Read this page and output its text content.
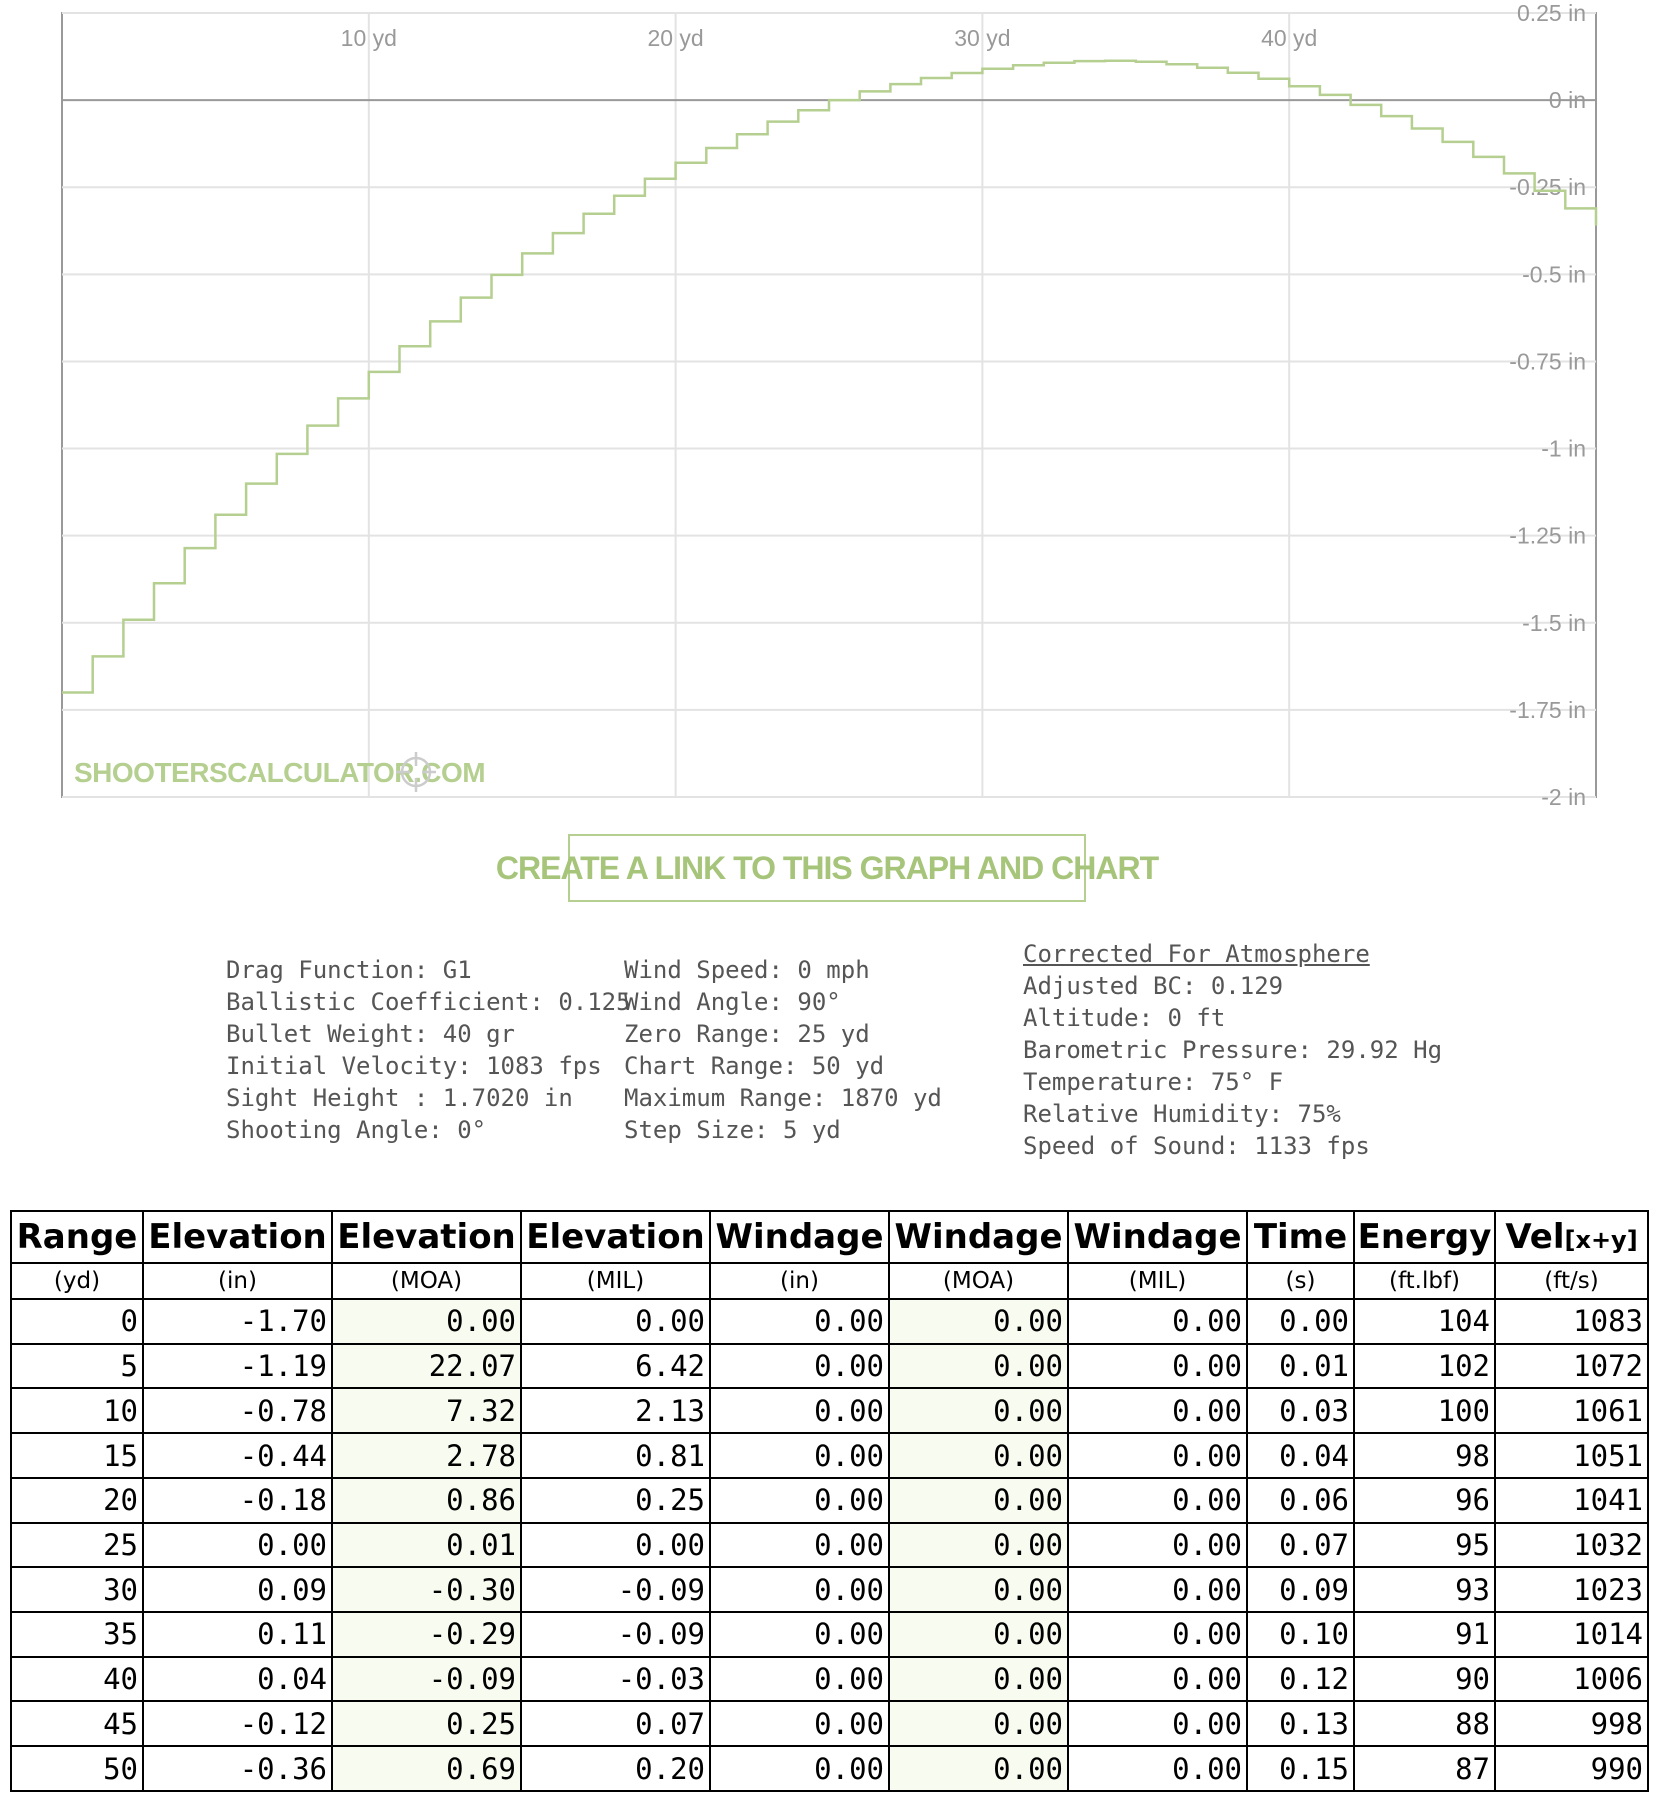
10 yd	20 yd	30 yd	40 yd
0.25 in
0 in
-0.25 in
-0.5 in
-0.75 in
-1 in
-1.25 in
-1.5 in
-1.75 in
-2 in
SHOOTERSCALCULATOR.COM
CREATE A LINK TO THIS GRAPH AND CHART
Drag Function: G1
Ballistic Coefficient: 0.125
Bullet Weight: 40 gr
Initial Velocity: 1083 fps
Sight Height : 1.7020 in
Shooting Angle: 0°
Wind Speed: 0 mph
Wind Angle: 90°
Zero Range: 25 yd
Chart Range: 50 yd
Maximum Range: 1870 yd
Step Size: 5 yd
Corrected For Atmosphere
Adjusted BC: 0.129
Altitude: 0 ft
Barometric Pressure: 29.92 Hg
Temperature: 75° F
Relative Humidity: 75%
Speed of Sound: 1133 fps
Range	Elevation	Elevation	Elevation	Windage	Windage	Windage	Time	Energy	Vel[x+y]
(yd)	(in)	(MOA)	(MIL)	(in)	(MOA)	(MIL)	(s)	(ft.lbf)	(ft/s)
0	-1.70	0.00	0.00	0.00	0.00	0.00	0.00	104	1083
5	-1.19	22.07	6.42	0.00	0.00	0.00	0.01	102	1072
10	-0.78	7.32	2.13	0.00	0.00	0.00	0.03	100	1061
15	-0.44	2.78	0.81	0.00	0.00	0.00	0.04	98	1051
20	-0.18	0.86	0.25	0.00	0.00	0.00	0.06	96	1041
25	0.00	0.01	0.00	0.00	0.00	0.00	0.07	95	1032
30	0.09	-0.30	-0.09	0.00	0.00	0.00	0.09	93	1023
35	0.11	-0.29	-0.09	0.00	0.00	0.00	0.10	91	1014
40	0.04	-0.09	-0.03	0.00	0.00	0.00	0.12	90	1006
45	-0.12	0.25	0.07	0.00	0.00	0.00	0.13	88	998
50	-0.36	0.69	0.20	0.00	0.00	0.00	0.15	87	990
